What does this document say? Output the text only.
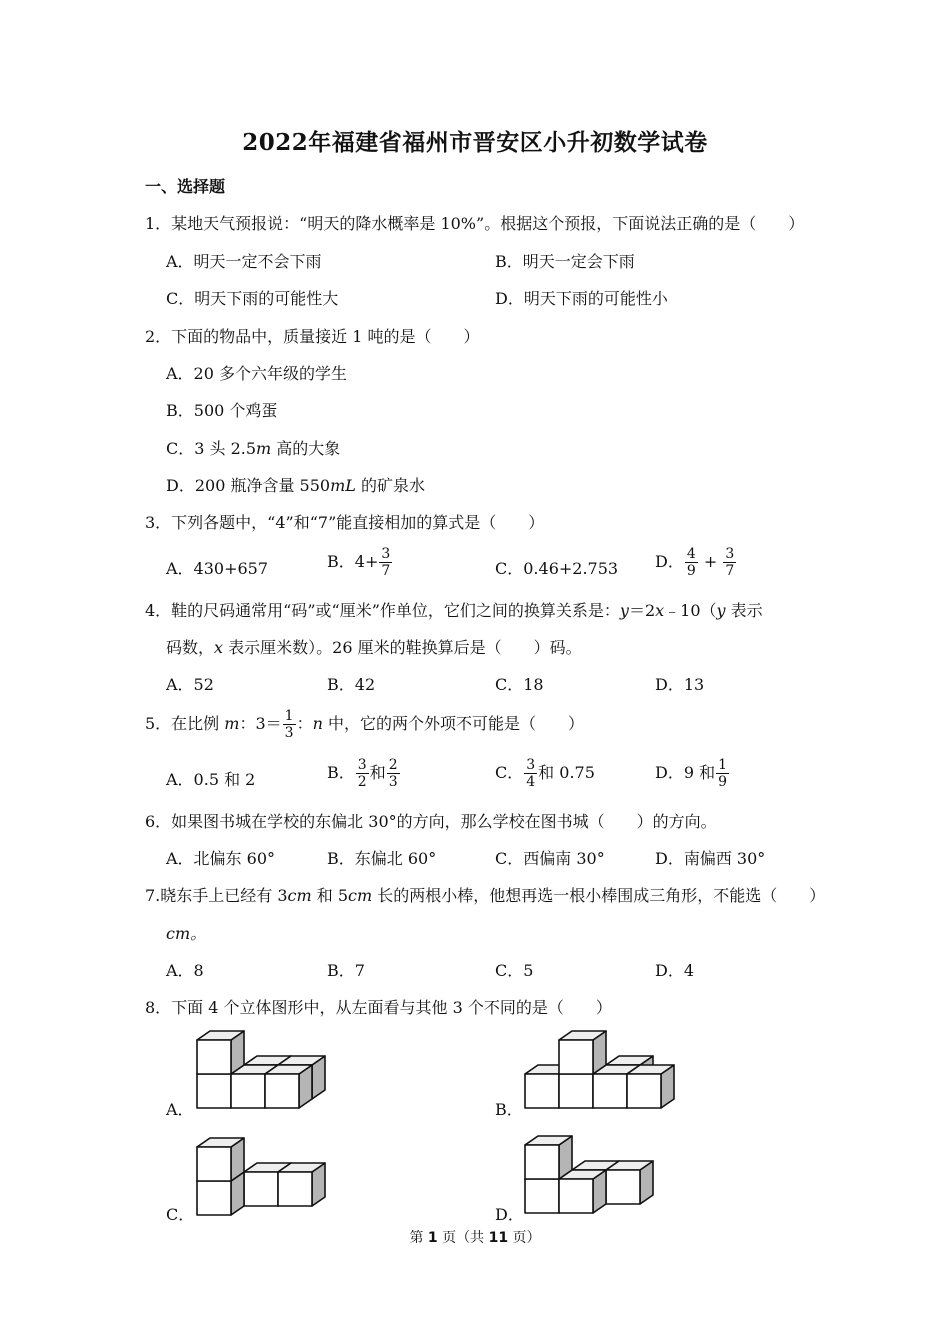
2022年福建省福州市晋安区小升初数学试卷
一、选择题
1．某地天气预报说：“明天的降水概率是 10%”。根据这个预报，下面说法正确的是（　　）
A．明天一定不会下雨	B．明天一定会下雨
C．明天下雨的可能性大	D．明天下雨的可能性小
2．下面的物品中，质量接近 1 吨的是（　　）
A．20 多个六年级的学生
B．500 个鸡蛋
C．3 头 2.5m 高的大象
D．200 瓶净含量 550mL 的矿泉水
3．下列各题中，“4”和“7”能直接相加的算式是（　　）
A．430+657	B．$4+ \frac{3}{7}$	C．0.46+2.753 D． $\frac{4}{9} + \frac{3}{7}$
4．鞋的尺码通常用“码”或“厘米”作单位，它们之间的换算关系是：y＝2x﹣10（y 表示
码数，x 表示厘米数）。26 厘米的鞋换算后是（　　）码。
A．52	B．42	C．18	D．13
5．在比例 m：$3= \frac{1}{3}$ ：n 中，它的两个外项不可能是（　　）
A．0.5 和 2	B． $\frac{3}{2}$ 和 $\frac{2}{3}$	C． $\frac{3}{4}$ 和 0.75	D．9 和 $\frac{1}{9}$
6．如果图书城在学校的东偏北 30°的方向，那么学校在图书城（　　）的方向。
A．北偏东 60°	B．东偏北 60°	C．西偏南 30°	D．南偏西 30°
7.晓东手上已经有 3cm 和 5cm 长的两根小棒，他想再选一根小棒围成三角形，不能选（　　）
cm。
A．8	B．7	C．5	D．4
8．下面 4 个立体图形中，从左面看与其他 3 个不同的是（　　）
A．	B．
C．	D．
第 1 页（共 11 页）
